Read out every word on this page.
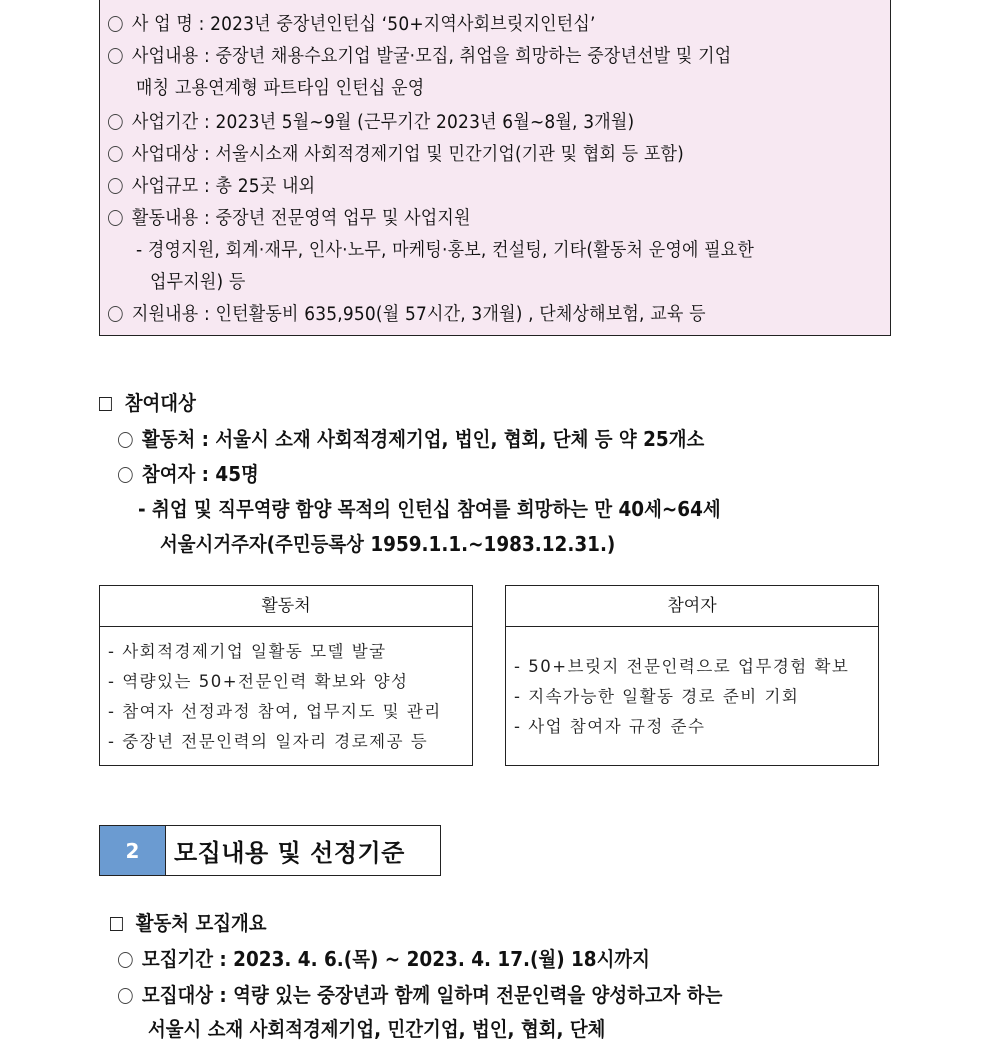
사 업 명 : 2023년 중장년인턴십 ‘50+지역사회브릿지인턴십’
사업내용 : 중장년 채용수요기업 발굴·모집, 취업을 희망하는 중장년선발 및 기업
매칭 고용연계형 파트타임 인턴십 운영
사업기간 : 2023년 5월~9월 (근무기간 2023년 6월~8월, 3개월)
사업대상 : 서울시소재 사회적경제기업 및 민간기업(기관 및 협회 등 포함)
사업규모 : 총 25곳 내외
활동내용 : 중장년 전문영역 업무 및 사업지원
- 경영지원, 회계·재무, 인사·노무, 마케팅·홍보, 컨설팅, 기타(활동처 운영에 필요한
업무지원) 등
지원내용 : 인턴활동비 635,950(월 57시간, 3개월) , 단체상해보험, 교육 등
참여대상
활동처 : 서울시 소재 사회적경제기업, 법인, 협회, 단체 등 약 25개소
참여자 : 45명
- 취업 및 직무역량 함양 목적의 인턴십 참여를 희망하는 만 40세~64세
서울시거주자(주민등록상 1959.1.1.~1983.12.31.)
활동처
- 사회적경제기업 일활동 모델 발굴
- 역량있는 50+전문인력 확보와 양성
- 참여자 선정과정 참여, 업무지도 및 관리
- 중장년 전문인력의 일자리 경로제공 등
참여자
- 50+브릿지 전문인력으로 업무경험 확보
- 지속가능한 일활동 경로 준비 기회
- 사업 참여자 규정 준수
2	모집내용 및 선정기준
활동처 모집개요
모집기간 : 2023. 4. 6.(목) ~ 2023. 4. 17.(월) 18시까지
모집대상 : 역량 있는 중장년과 함께 일하며 전문인력을 양성하고자 하는
서울시 소재 사회적경제기업, 민간기업, 법인, 협회, 단체
